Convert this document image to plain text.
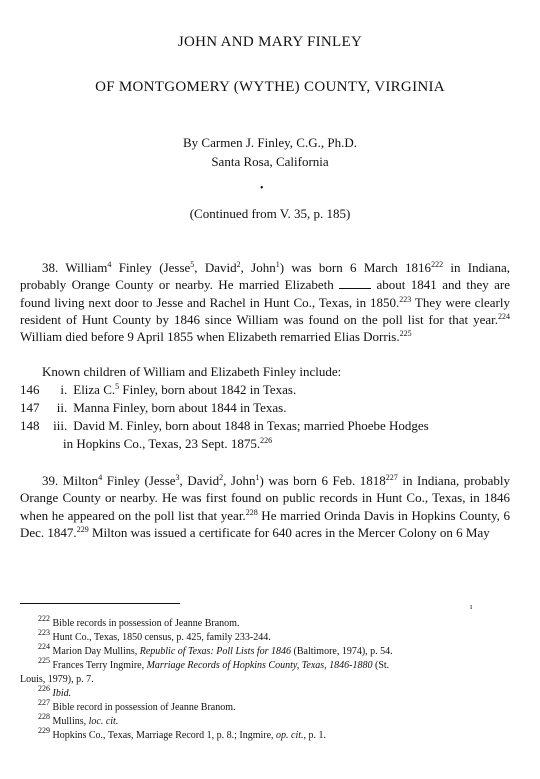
JOHN AND MARY FINLEY
OF MONTGOMERY (WYTHE) COUNTY, VIRGINIA
By Carmen J. Finley, C.G., Ph.D.
Santa Rosa, California
•
(Continued from V. 35, p. 185)

38. William$^4$ Finley (Jesse$^5$, David$^2$, John$^1$) was born 6 March 1816$^{222}$ in Indiana, probably Orange County or nearby. He married Elizabeth  about 1841 and they are found living next door to Jesse and Rachel in Hunt Co., Texas, in 1850.$^{223}$ They were clearly resident of Hunt County by 1846 since William was found on the poll list for that year.$^{224}$ William died before 9 April 1855 when Elizabeth remarried Elias Dorris.$^{225}$

Known children of William and Elizabeth Finley include:

146 i. Eliza C.$^5$ Finley, born about 1842 in Texas.
147 ii. Manna Finley, born about 1844 in Texas.
148 iii. David M. Finley, born about 1848 in Texas; married Phoebe Hodges
in Hopkins Co., Texas, 23 Sept. 1875.$^{226}$

39. Milton$^4$ Finley (Jesse$^3$, David$^2$, John$^1$) was born 6 Feb. 1818$^{227}$ in Indiana, probably Orange County or nearby. He was first found on public records in Hunt Co., Texas, in 1846 when he appeared on the poll list that year.$^{228}$ He married Orinda Davis in Hopkins County, 6 Dec. 1847.$^{229}$ Milton was issued a certificate for 640 acres in the Mercer Colony on 6 May

ı

$^{222}$ Bible records in possession of Jeanne Branom.

$^{223}$ Hunt Co., Texas, 1850 census, p. 425, family 233-244.

$^{224}$ Marion Day Mullins, Republic of Texas: Poll Lists for 1846 (Baltimore, 1974), p. 54.

$^{225}$ Frances Terry Ingmire, Marriage Records of Hopkins County, Texas, 1846-1880 (St.

Louis, 1979), p. 7.

$^{226}$ Ibid.

$^{227}$ Bible record in possession of Jeanne Branom.

$^{228}$ Mullins, loc. cit.

$^{229}$ Hopkins Co., Texas, Marriage Record 1, p. 8.; Ingmire, op. cit., p. 1.
